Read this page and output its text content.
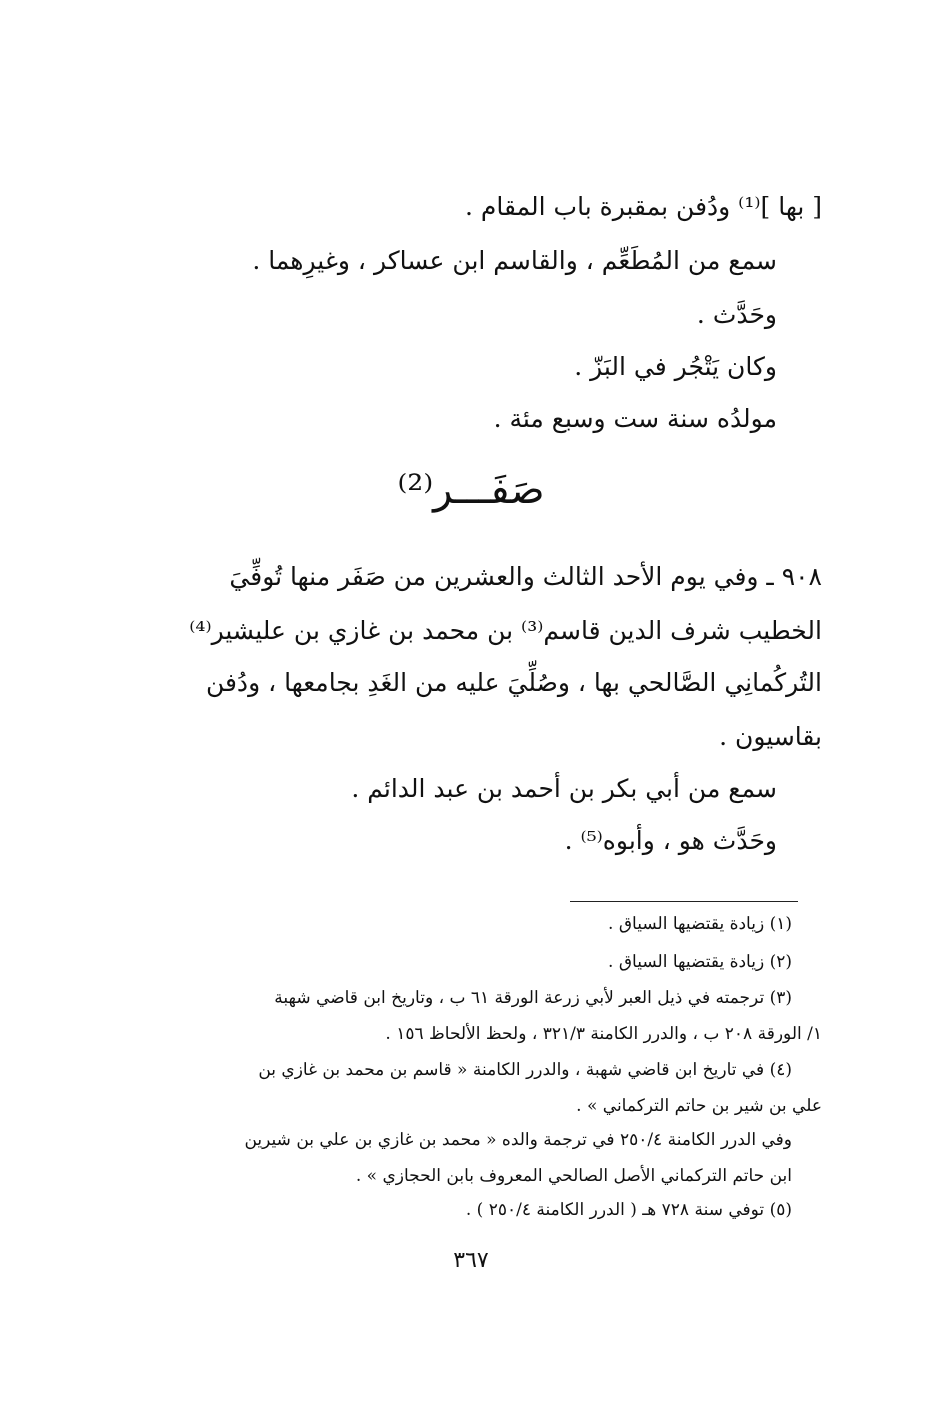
[ بها ]⁽¹⁾ ودُفن بمقبرة باب المقام .

سمع من المُطَعِّم ، والقاسم ابن عساكر ، وغيرِهما .

وحَدَّث .

وكان يَتْجُر في البَزّ .

مولدُه سنة ست وسبع مئة .

صَفَـــر⁽²⁾

٩٠٨ ـ وفي يوم الأحد الثالث والعشرين من صَفَر منها تُوفِّيَ

الخطيب شرف الدين قاسم⁽³⁾ بن محمد بن غازي بن عليشير⁽⁴⁾

التُركُمانِي الصَّالحي بها ، وصُلِّيَ عليه من الغَدِ بجامعها ، ودُفن

بقاسيون .

سمع من أبي بكر بن أحمد بن عبد الدائم .

وحَدَّث هو ، وأبوه⁽⁵⁾ .

(١) زيادة يقتضيها السياق .

(٢) زيادة يقتضيها السياق .

(٣) ترجمته في ذيل العبر لأبي زرعة الورقة ٦١ ب ، وتاريخ ابن قاضي شهبة

١/ الورقة ٢٠٨ ب ، والدرر الكامنة ٣٢١/٣ ، ولحظ الألحاظ ١٥٦ .

(٤) في تاريخ ابن قاضي شهبة ، والدرر الكامنة « قاسم بن محمد بن غازي بن

علي بن شير بن حاتم التركماني » .

وفي الدرر الكامنة ٢٥٠/٤ في ترجمة والده « محمد بن غازي بن علي بن شيرين

ابن حاتم التركماني الأصل الصالحي المعروف بابن الحجازي » .

(٥) توفي سنة ٧٢٨ هـ ( الدرر الكامنة ٢٥٠/٤ ) .

٣٦٧
